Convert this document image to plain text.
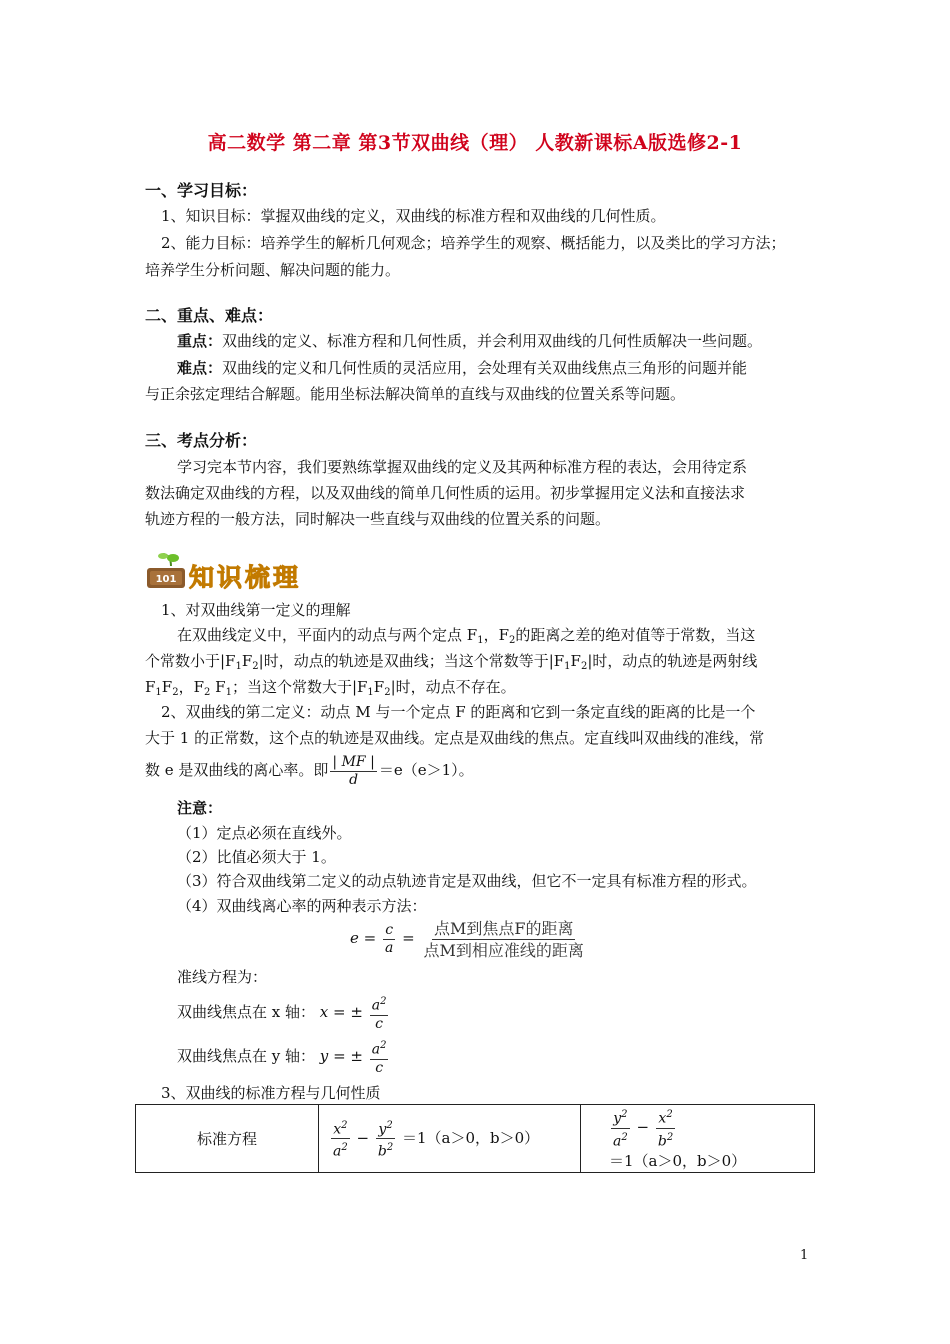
高二数学 第二章 第3节双曲线（理） 人教新课标A版选修2-1
一、学习目标：
1、知识目标：掌握双曲线的定义，双曲线的标准方程和双曲线的几何性质。
2、能力目标：培养学生的解析几何观念；培养学生的观察、概括能力，以及类比的学习方法；
培养学生分析问题、解决问题的能力。
二、重点、难点：
重点：双曲线的定义、标准方程和几何性质，并会利用双曲线的几何性质解决一些问题。
难点：双曲线的定义和几何性质的灵活应用，会处理有关双曲线焦点三角形的问题并能
与正余弦定理结合解题。能用坐标法解决简单的直线与双曲线的位置关系等问题。
三、考点分析：
学习完本节内容，我们要熟练掌握双曲线的定义及其两种标准方程的表达，会用待定系
数法确定双曲线的方程，以及双曲线的简单几何性质的运用。初步掌握用定义法和直接法求
轨迹方程的一般方法，同时解决一些直线与双曲线的位置关系的问题。
101 知识梳理
1、对双曲线第一定义的理解
在双曲线定义中，平面内的动点与两个定点 $F_1$，$F_2$的距离之差的绝对值等于常数，当这
个常数小于$|F_1F_2|$时，动点的轨迹是双曲线；当这个常数等于$|F_1F_2|$时，动点的轨迹是两射线
$F_1F_2$，$F_2$ $F_1$；当这个常数大于$|F_1F_2|$时，动点不存在。
2、双曲线的第二定义：动点 M 与一个定点 F 的距离和它到一条定直线的距离的比是一个
大于 1 的正常数，这个点的轨迹是双曲线。定点是双曲线的焦点。定直线叫双曲线的准线，常
数 e 是双曲线的离心率。即 $\frac{| MF |}{d} =e(e>1)$。
注意：
（1）定点必须在直线外。
（2）比值必须大于 1。
（3）符合双曲线第二定义的动点轨迹肯定是双曲线，但它不一定具有标准方程的形式。
（4）双曲线离心率的两种表示方法：
$e = \frac{c}{a} = \frac{\text{点M到焦点F的距离}}{\text{点M到相应准线的距离}}$
准线方程为：
双曲线焦点在 x 轴： x = ± $\frac{a^2}{c}$
双曲线焦点在 y 轴： y = ± $\frac{a^2}{c}$
3、双曲线的标准方程与几何性质
标准方程	$\frac{x^2}{a^2} - \frac{y^2}{b^2} =1(a>0$，b＞0）	$\frac{y^2}{a^2} - \frac{x^2}{b^2}$
＝1（a＞0，b＞0）
1
